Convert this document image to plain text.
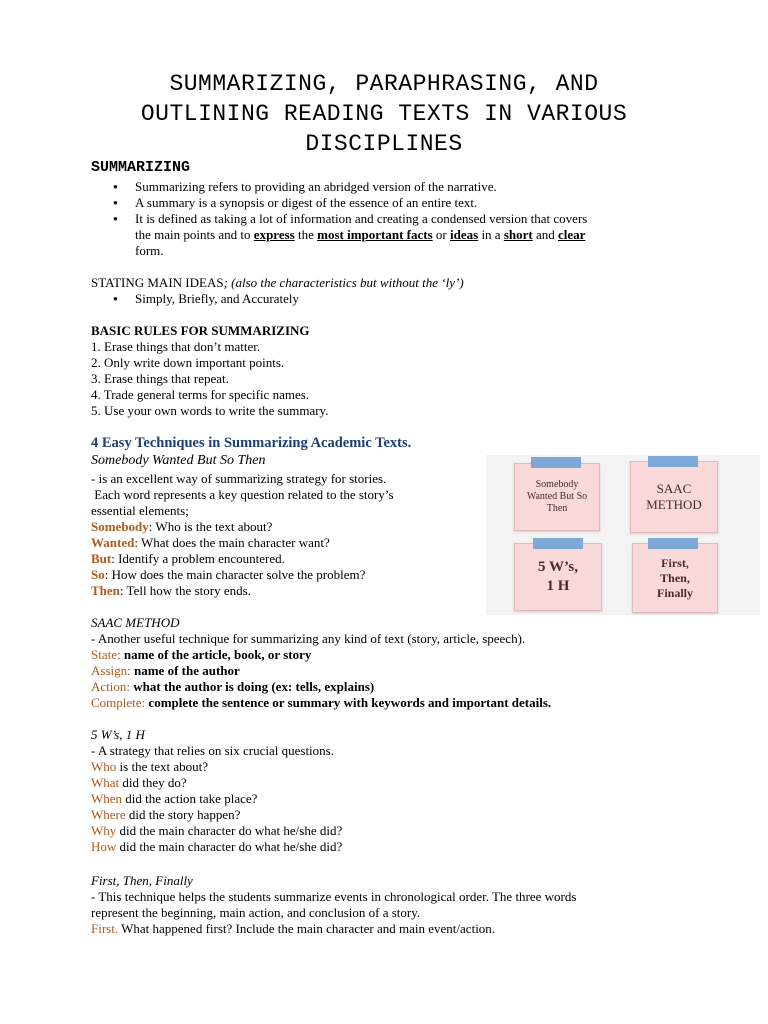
SUMMARIZING, PARAPHRASING, AND
OUTLINING READING TEXTS IN VARIOUS
DISCIPLINES
SUMMARIZING
● Summarizing refers to providing an abridged version of the narrative.
● A summary is a synopsis or digest of the essence of an entire text.
● It is defined as taking a lot of information and creating a condensed version that covers
the main points and to express the most important facts or ideas in a short and clear
form.
STATING MAIN IDEAS; (also the characteristics but without the ‘ly’)
● Simply, Briefly, and Accurately
BASIC RULES FOR SUMMARIZING
1. Erase things that don’t matter.
2. Only write down important points.
3. Erase things that repeat.
4. Trade general terms for specific names.
5. Use your own words to write the summary.
4 Easy Techniques in Summarizing Academic Texts.
Somebody Wanted But So Then
- is an excellent way of summarizing strategy for stories.
Each word represents a key question related to the story’s
essential elements;
Somebody: Who is the text about?
Wanted: What does the main character want?
But: Identify a problem encountered.
So: How does the main character solve the problem?
Then: Tell how the story ends.
Somebody
Wanted But So
Then
SAAC
METHOD
5 W’s,
1 H
First,
Then,
Finally
SAAC METHOD
- Another useful technique for summarizing any kind of text (story, article, speech).
State: name of the article, book, or story
Assign: name of the author
Action: what the author is doing (ex: tells, explains)
Complete: complete the sentence or summary with keywords and important details.
5 W’s, 1 H
- A strategy that relies on six crucial questions.
Who is the text about?
What did they do?
When did the action take place?
Where did the story happen?
Why did the main character do what he/she did?
How did the main character do what he/she did?
First, Then, Finally
- This technique helps the students summarize events in chronological order. The three words
represent the beginning, main action, and conclusion of a story.
First. What happened first? Include the main character and main event/action.
